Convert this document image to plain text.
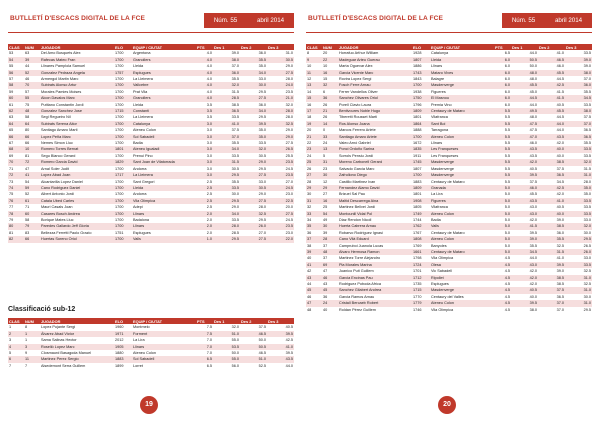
BUTLLETÍ D'ESCACS DIGITAL DE LA FCE	Núm. 55	abril 2014
CLAS	NUM	JUGADOR	ELO	EQUIP / CIUTAT	PTS	Des 1	Des 2	Des 3
53	63	Del Amo Busquets Alex	1700	Argentona	4.0	39.0	36.0	31.0
54	39	Rafecas Mateo Fran	1700	Granollers	4.0	38.0	35.5	30.5
55	44	Llinares Pamplola Samuel	1700	Lleida	4.0	37.0	35.0	29.0
56	52	Gonzalez Pedraza Angela	1757	Esplugues	4.0	36.0	34.0	27.5
57	46	Armengol Martin Marc	1700	La Lleimera	4.0	35.5	33.0	28.0
58	70	Subirats Alonso Artur	1700	Vallcebre	4.0	32.0	30.0	24.0
59	57	Morales Pamies Moises	1700	Prat Vila	4.0	31.5	29.5	23.5
60	55	Alcon Davalos Marc	1700	Granollers	4.0	28.5	27.5	21.0
61	75	Puttiano Constantin Jordi	1700	Lleida	3.5	38.5	36.0	32.0
62	48	Gonzalez Sanchez Jose	1715	Constanti	3.5	36.5	34.0	28.0
63	58	Segi Regueiro Nil	1700	La Lleimera	3.5	33.5	29.5	28.0
64	64	Subirats Serena Aitor	1700	Catalunya	3.0	41.0	39.5	32.5
65	80	Santiago Amaro Marti	1700	Ateneu Colon	3.0	37.5	35.0	29.0
66	66	Lopez Peña Marc	1700	Sol Sabadell	3.0	37.0	35.0	29.0
67	66	Nemes Simon Lluc	1700	Badia	3.0	35.5	33.5	27.5
68	10	Romero Torres Bernat	1801	Ateneu Igualadi	3.0	34.0	32.0	26.5
69	81	Segu Blanco Gerard	1700	Prenui Pino	3.0	33.5	30.5	25.5
70	72	Romero Garcia David	1829	Sant Joan de Vilatorrada	3.0	31.5	29.0	23.5
71	47	Arnal Soler Judit	1700	Andorra	3.0	30.5	29.5	24.5
72	41	Lopez Abad Joan	1717	La Lleimera	3.0	29.5	27.5	23.5
73	54	Alcantarilla Lopez Daniel	1700	Sant Gregori	2.5	35.5	33.0	27.0
74	59	Cano Rodriguez Daniel	1700	Lleida	2.5	33.5	30.5	24.5
75	52	Albert Antonio Jordi	1700	Andorra	2.5	30.0	29.0	23.0
76	61	Catala Ubed Carles	1700	Vila Olimpica	2.5	29.5	27.5	22.5
77	71	Mauri Casals Joan	1700	Adepi	2.5	29.0	28.0	20.0
78	60	Casares Bosch Andrea	1700	Llinars	2.0	34.0	32.5	27.5
79	58	Borique Mates Lluc	1700	Badalona	2.0	33.5	29.5	24.5
80	79	Paredes Gallardo Jeff Gloria	1700	Llinars	2.0	28.0	26.0	23.5
81	83	Bellezza Ferretti Paolo Grazio	1751	Esplugues	2.0	28.5	27.0	23.0
82	66	Huertas Soreno Oriol	1700	Valls	1.0	29.5	27.5	22.0
Classificació sub-12
CLAS	NUM	JUGADOR	ELO	EQUIP / CIUTAT	PTS	Des 1	Des 2	Des 3
1	8	Lopez Pujante Sergi	1960	Montmelo	7.5	32.0	37.5	40.5
2	1	Álvarez Abad Victor	1971	Forment	7.5	51.0	46.5	39.5
3	1	Sama Salinas Hector	2012	La Lira	7.0	55.0	50.0	42.5
4	3	Roselló Lopez Marc	1905	Llinars	7.0	53.5	50.5	41.0
5	9	Closmaurd Basagoda Manuel	1880	Ateneu Colon	7.0	50.0	46.5	39.5
6	11	Martinez Perez Sergio	1883	Sol Sabadell	6.5	55.0	51.0	43.5
7	7	Alsedemont Serra Guillem	1899	Lorret	6.5	56.0	52.5	44.0
19
BUTLLETÍ D'ESCACS DIGITAL DE LA FCE	Núm. 55	abril 2014
CLAS	NUM	JUGADOR	ELO	EQUIP / CIUTAT	PTS	Des 1	Des 2	Des 3
8	20	Horrafuo Arthur William	1928	Catalunya	6.5	44.0	41.0	33.5
9	22	Madeguar Arteu Guerau	1807	Lleida	6.0	50.5	46.5	39.0
10	10	Marta Oguevar Alex	1886	Llinars	6.0	50.0	46.0	39.0
11	16	Garcia Vicente Marc	1743	Mataro Vives	6.0	48.0	45.5	38.0
12	15	Rovira Lopez Sergi	1843	Balagre	6.0	48.0	44.5	37.0
13	32	Fosch Ferre Arnau	1700	Masdenverge	6.0	45.5	42.5	36.0
14	6	Ferrer Vandellos Oliver	1938	Figueres	6.0	45.0	41.5	35.5
15	36	Sanchez Olivares Oriol	1750	El Masnou	6.0	44.5	41.5	34.5
16	26	Porell Clavio Laura	1796	Premia Vino	6.0	44.0	40.5	33.5
17	21	Bentivoures Noble Hugo	1809	Centaury de Mataro	5.5	49.5	45.5	38.0
18	26	Tiberetti Rousset Marti	1801	Vilafranca	5.5	48.0	44.5	37.5
19	14	Ros Alonso Joana	1864	Sant Boi	5.5	47.5	44.0	37.0
20	0	Marcos Ferrero Arlete	1888	Tarragona	5.5	47.5	44.0	36.5
21	33	Santiago Amaro Arlete	1700	Ateneu Colon	5.5	47.0	43.5	36.5
22	24	Valeo Arnó Gabriel	1672	Llinars	5.5	46.0	42.0	35.5
23	13	Ponci Ordoño Sarina	1835	Les Franqueses	5.5	43.5	40.0	33.5
24	5	Sorrols Pensiu Jordi	1911	Les Franqueses	5.5	43.5	40.0	33.5
25	31	Moreno Carbonell Gerard	1745	Masdenverge	5.5	42.0	38.5	32.0
26	23	Salvado Garcia Marc	1807	Masdenverge	5.5	40.5	37.5	31.5
27	30	Zafrullono Diego	1700	Masdenverge	5.5	39.5	36.5	31.0
28	12	Castillo Martinez Ivan	1883	Centaury de Mataro	5.5	37.5	34.5	28.0
29	29	Fernandez Alamo David	1809	Granada	5.0	46.0	42.5	35.0
30	27	Brizuel Sal Pau	1801	La Lira	5.0	45.5	42.0	35.0
31	16	Maltid Descarrega Aina	1908	Figueres	5.0	43.5	41.0	33.5
32	25	Martinez Bellvei Jordi	1805	Vilafranca	5.0	43.0	40.5	33.5
33	54	Montcunill Vidal Pol	1749	Ateneu Colon	5.0	43.0	40.0	33.5
34	49	Diaz Rendon Nicoll	1744	Badia	5.0	42.0	39.0	33.0
35	30	Huerta Cabrera Arnau	1762	Valls	5.0	41.5	38.5	32.0
36	39	Robarvo Rodriguez Ignasi	1767	Centaury de Mataro	5.0	39.5	36.0	30.0
37	28	Cano Vilà Eduard	1808	Ateneu Colon	5.0	39.0	35.5	29.5
38	37	Campruboi Juanola Lucas	1769	Banyoles	5.0	35.5	32.5	26.5
39	48	Alvaro Hermosa Ramon	1661	Centaury de Mataro	5.0	34.5	31.5	26.0
40	37	Martinez Torre Alejandro	1798	Vila Olimpica	4.5	44.0	41.0	33.0
41	69	Pla Morales Marina	1724	Olesa	4.5	43.0	39.5	33.5
42	47	Juanico Puit Guillem	1701	Vic Sabadell	4.5	42.0	39.0	32.5
43	46	Garcia Encinas Pau	1712	Ripollet	4.5	42.0	38.5	31.0
44	43	Rodriguez Poboda Africa	1735	Esplugues	4.5	42.0	38.5	32.5
45	45	Sanchez Gilabert Andrea	1715	Masdenverge	4.5	40.5	37.5	31.0
46	36	Garcia Ramos Arnau	1770	Centaury del Valles	4.5	40.0	36.5	30.0
47	24	Cristall Bercaeb Robert	1779	Ateneu Colon	4.5	39.5	37.0	31.0
48	40	Roldan Pérez Guillem	1746	Vila Olimpica	4.5	38.0	37.0	29.5
20
